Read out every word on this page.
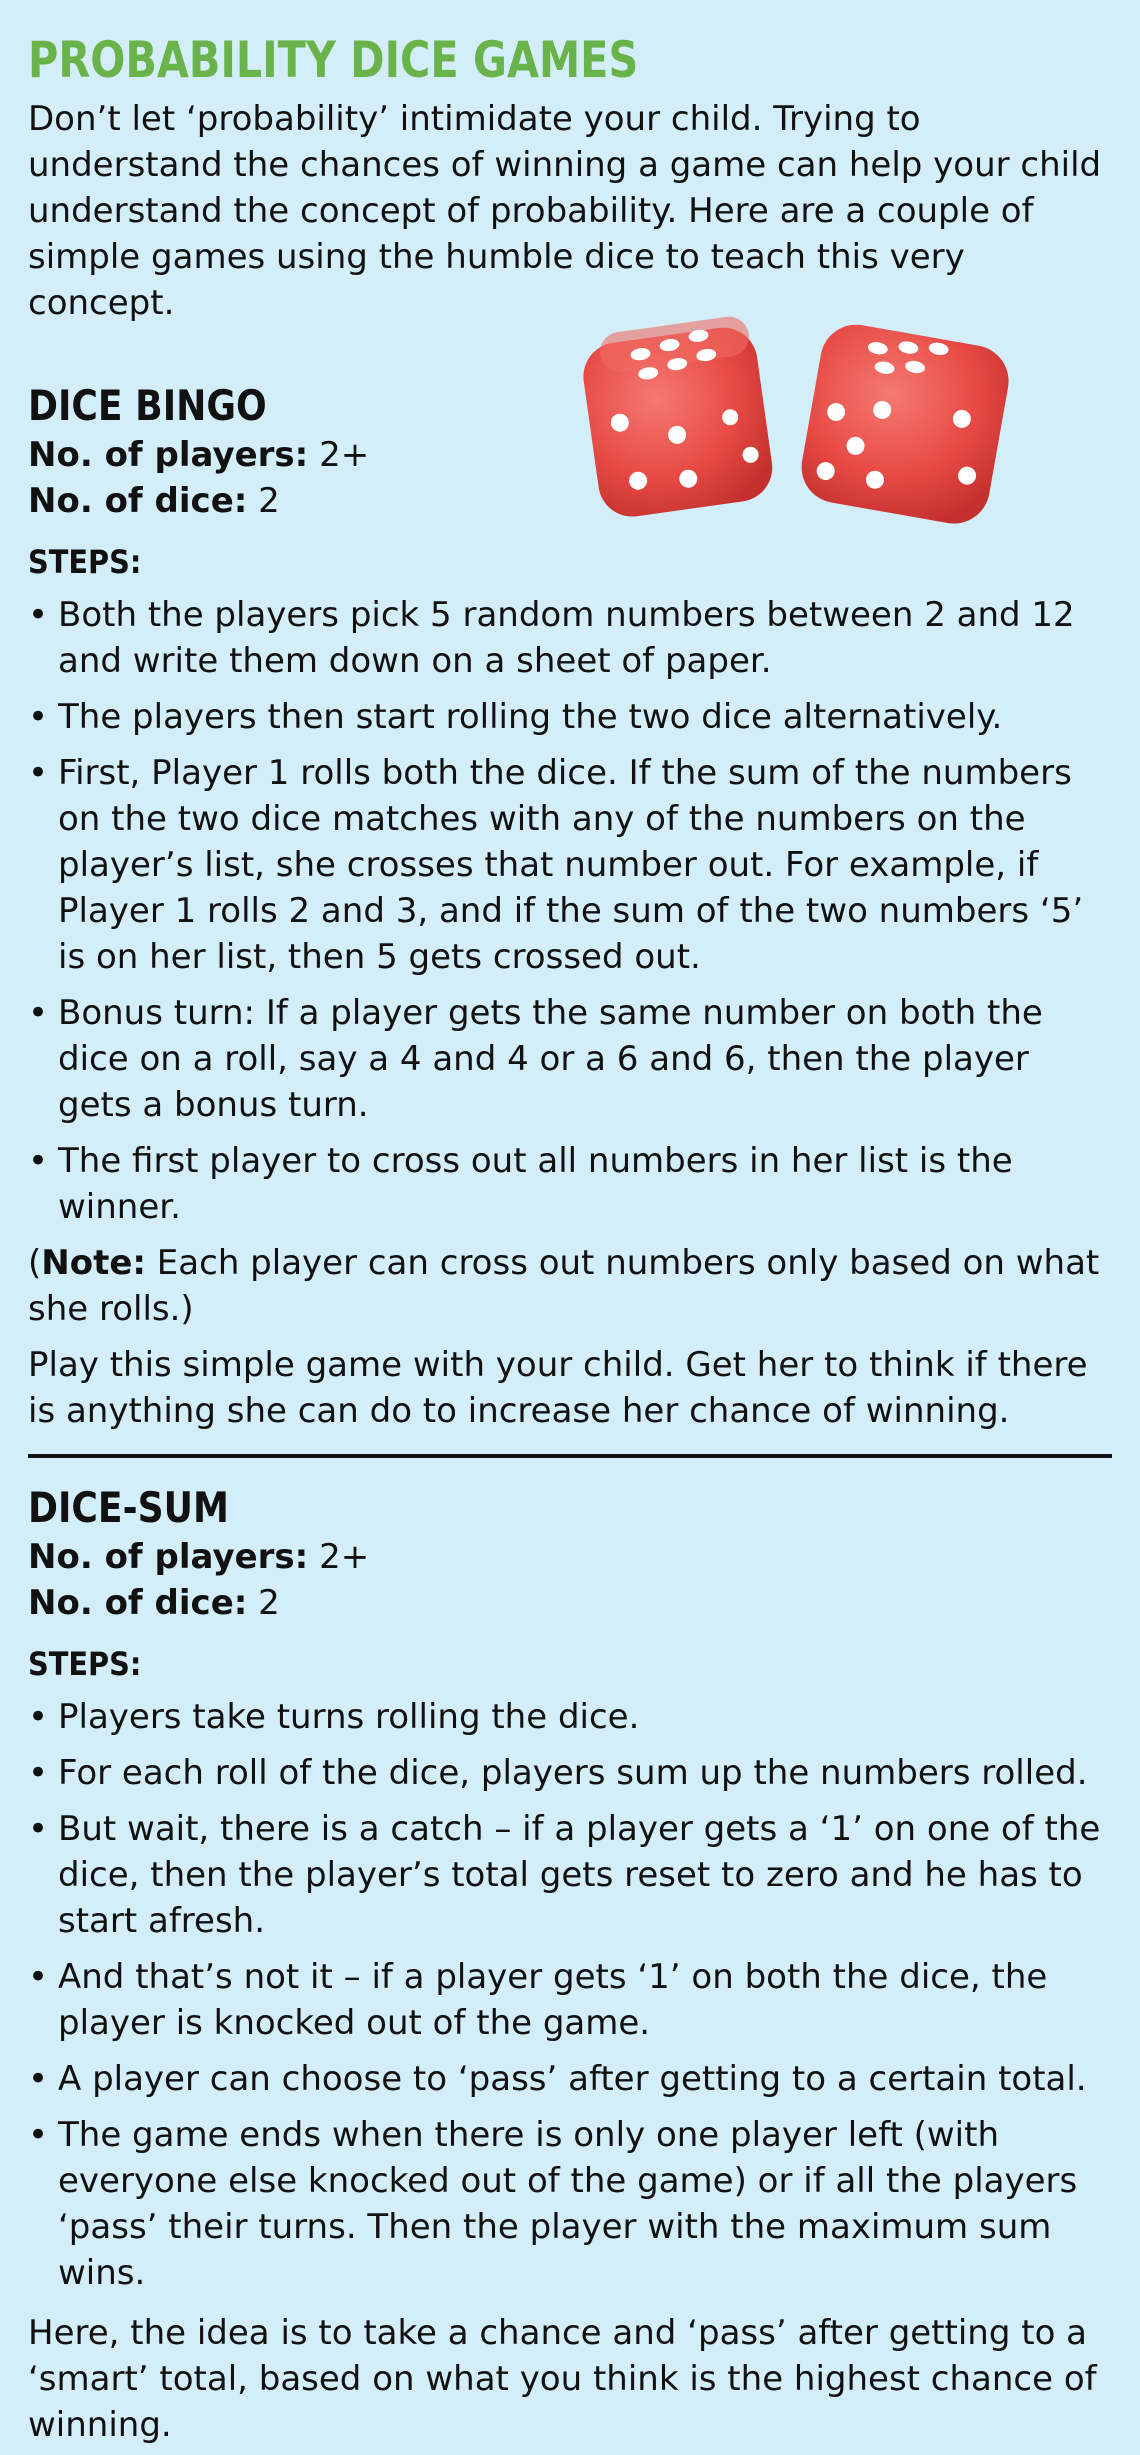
PROBABILITY DICE GAMES

Don’t let ‘probability’ intimidate your child. Trying to understand the chances of winning a game can help your child understand the concept of probability. Here are a couple of simple games using the humble dice to teach this very concept.

DICE BINGO

No. of players: 2+

No. of dice: 2

STEPS:

• Both the players pick 5 random numbers between 2 and 12 and write them down on a sheet of paper.
• The players then start rolling the two dice alternatively.
• First, Player 1 rolls both the dice. If the sum of the numbers on the two dice matches with any of the numbers on the player’s list, she crosses that number out. For example, if Player 1 rolls 2 and 3, and if the sum of the two numbers ‘5’ is on her list, then 5 gets crossed out.
• Bonus turn: If a player gets the same number on both the dice on a roll, say a 4 and 4 or a 6 and 6, then the player gets a bonus turn.
• The first player to cross out all numbers in her list is the winner.

(Note: Each player can cross out numbers only based on what she rolls.)

Play this simple game with your child. Get her to think if there is anything she can do to increase her chance of winning.

DICE-SUM

No. of players: 2+

No. of dice: 2

STEPS:

• Players take turns rolling the dice.
• For each roll of the dice, players sum up the numbers rolled.
• But wait, there is a catch – if a player gets a ‘1’ on one of the dice, then the player’s total gets reset to zero and he has to start afresh.
• And that’s not it – if a player gets ‘1’ on both the dice, the player is knocked out of the game.
• A player can choose to ‘pass’ after getting to a certain total.
• The game ends when there is only one player left (with everyone else knocked out of the game) or if all the players ‘pass’ their turns. Then the player with the maximum sum wins.

Here, the idea is to take a chance and ‘pass’ after getting to a ‘smart’ total, based on what you think is the highest chance of winning.
